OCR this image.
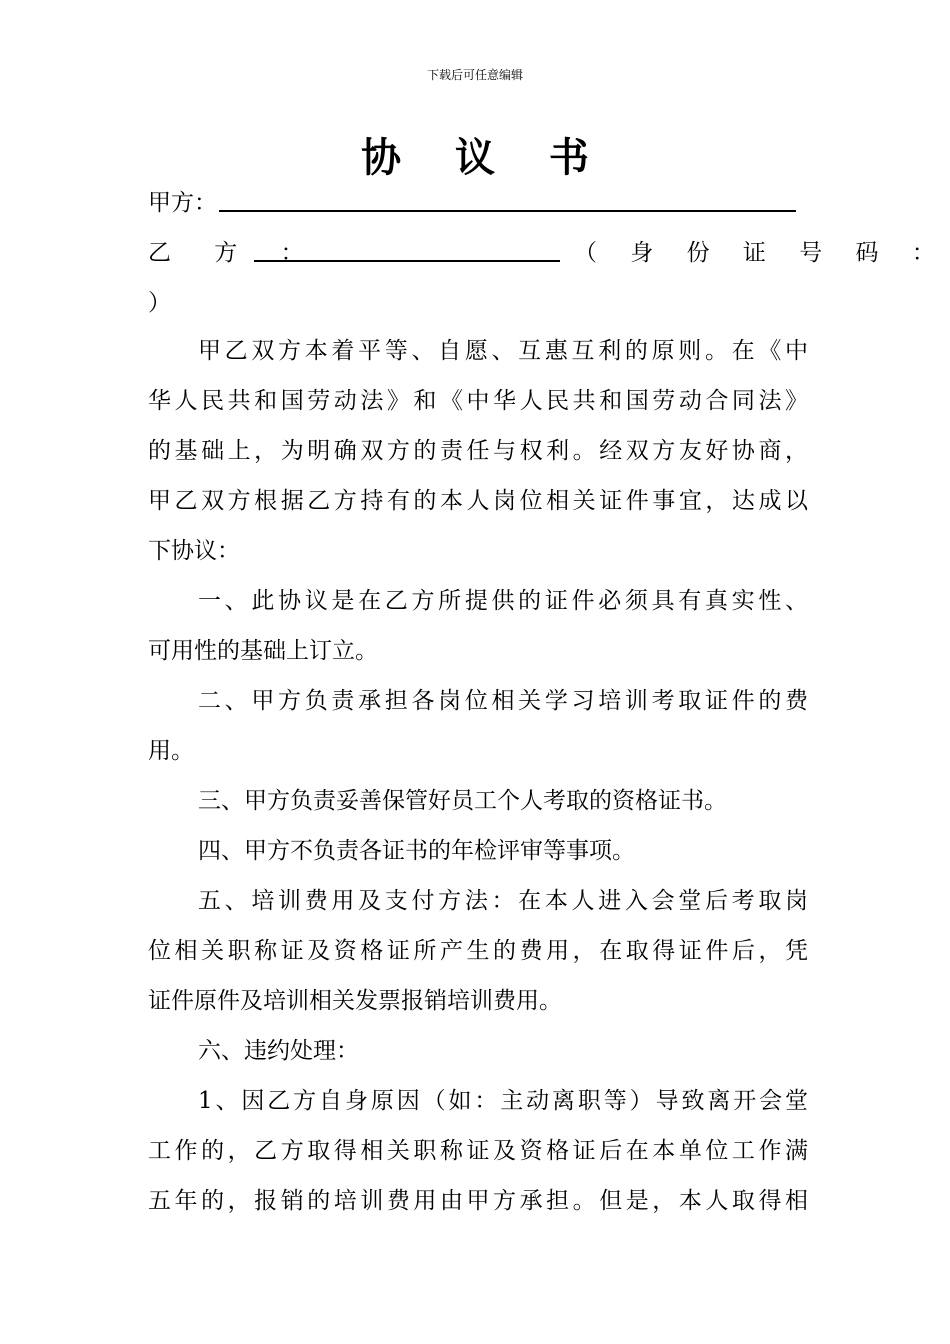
下载后可任意编辑
协 议 书
甲方：
乙 方 ：	（ 身 份 证 号 码 ：
）
甲乙双方本着平等、自愿、互惠互利的原则。在《中
华人民共和国劳动法》和《中华人民共和国劳动合同法》
的基础上，为明确双方的责任与权利。经双方友好协商，
甲乙双方根据乙方持有的本人岗位相关证件事宜，达成以
下协议：
一、此协议是在乙方所提供的证件必须具有真实性、
可用性的基础上订立。
二、甲方负责承担各岗位相关学习培训考取证件的费
用。
三、甲方负责妥善保管好员工个人考取的资格证书。
四、甲方不负责各证书的年检评审等事项。
五、培训费用及支付方法：在本人进入会堂后考取岗
位相关职称证及资格证所产生的费用，在取得证件后，凭
证件原件及培训相关发票报销培训费用。
六、违约处理：
1、因乙方自身原因（如：主动离职等）导致离开会堂
工作的，乙方取得相关职称证及资格证后在本单位工作满
五年的，报销的培训费用由甲方承担。但是，本人取得相
